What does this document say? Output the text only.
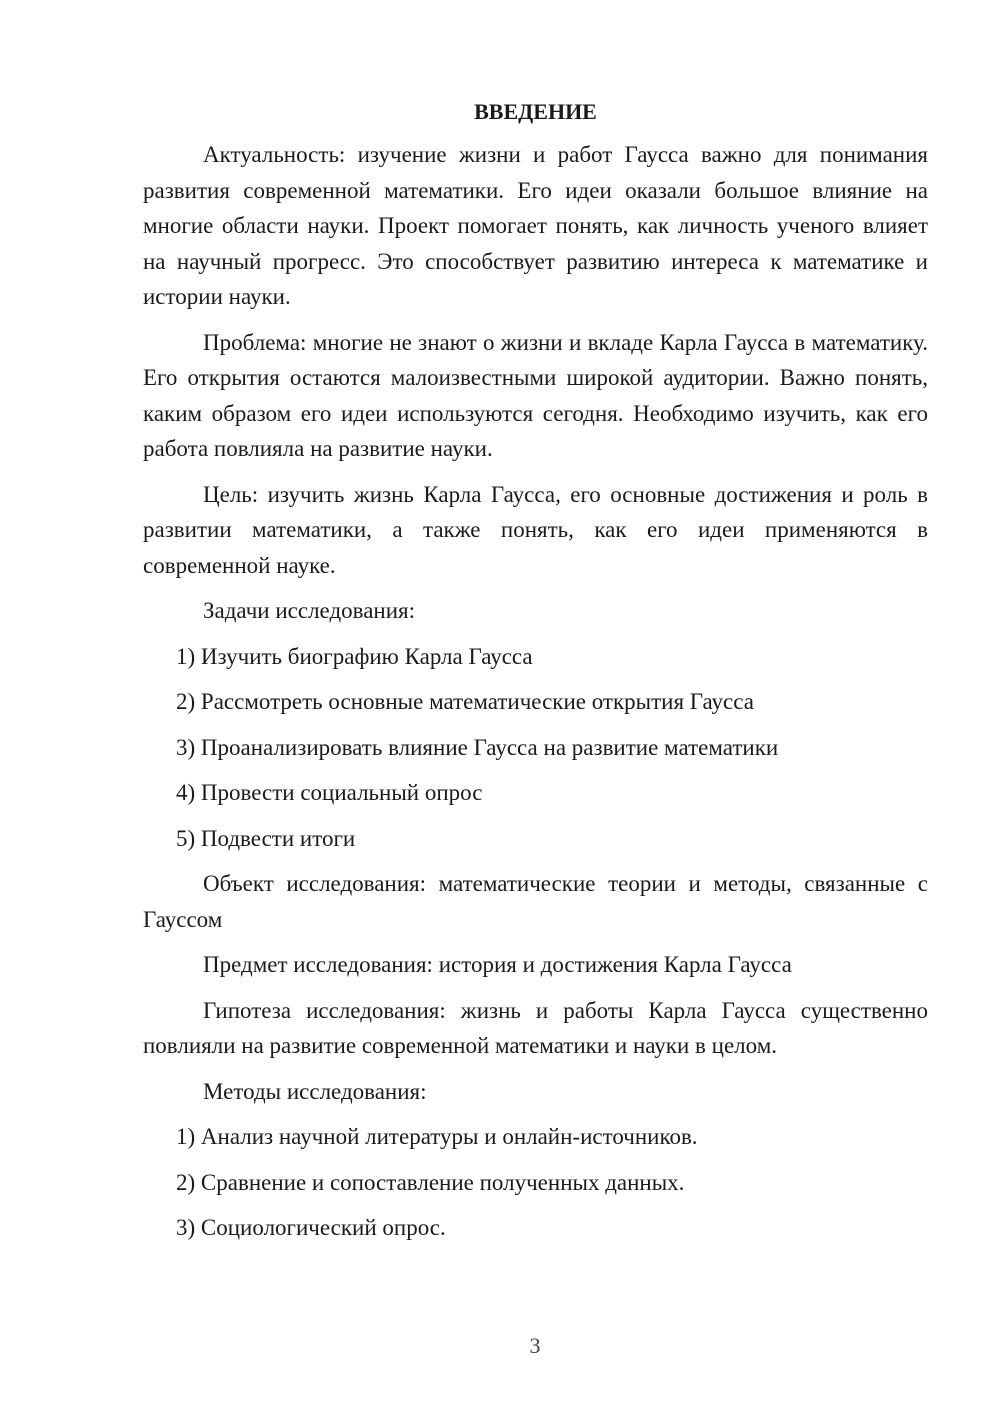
ВВЕДЕНИЕ

Актуальность: изучение жизни и работ Гаусса важно для понимания развития современной математики. Его идеи оказали большое влияние на многие области науки. Проект помогает понять, как личность ученого влияет на научный прогресс. Это способствует развитию интереса к математике и истории науки.

Проблема: многие не знают о жизни и вкладе Карла Гаусса в математику. Его открытия остаются малоизвестными широкой аудитории. Важно понять, каким образом его идеи используются сегодня. Необходимо изучить, как его работа повлияла на развитие науки.

Цель: изучить жизнь Карла Гаусса, его основные достижения и роль в развитии математики, а также понять, как его идеи применяются в современной науке.

Задачи исследования:

1) Изучить биографию Карла Гаусса
2) Рассмотреть основные математические открытия Гаусса
3) Проанализировать влияние Гаусса на развитие математики
4) Провести социальный опрос
5) Подвести итоги

Объект исследования: математические теории и методы, связанные с Гауссом

Предмет исследования: история и достижения Карла Гаусса

Гипотеза исследования: жизнь и работы Карла Гаусса существенно повлияли на развитие современной математики и науки в целом.

Методы исследования:

1) Анализ научной литературы и онлайн-источников.
2) Сравнение и сопоставление полученных данных.
3) Социологический опрос.
3
